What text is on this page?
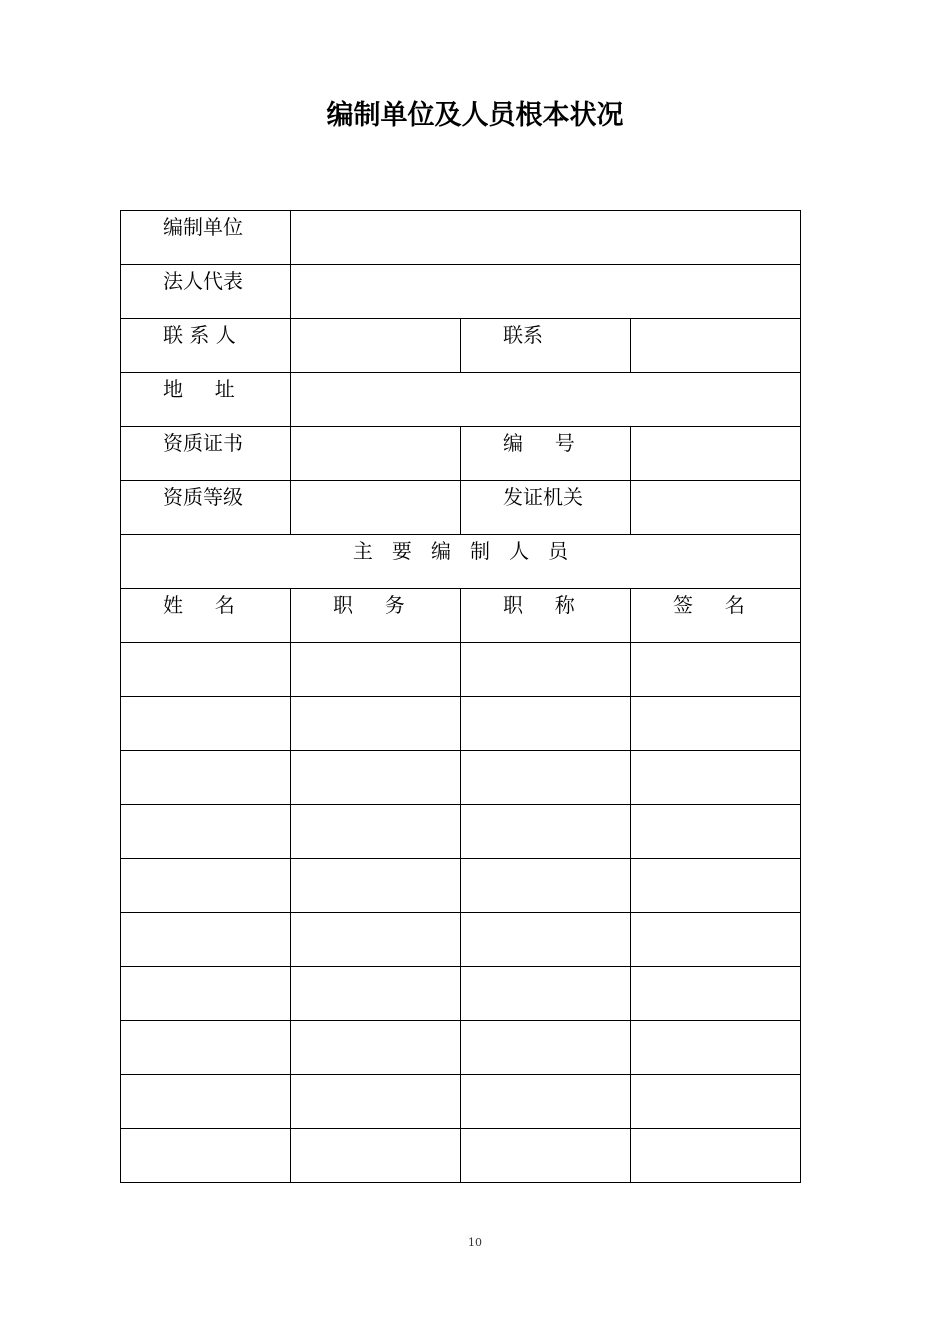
编制单位及人员根本状况
编制单位			

法人代表			

联 系 人		联系	

地     址			

资质证书		编     号	

资质等级		发证机关	

主   要   编   制   人   员			

姓     名	职     务	职     称	签     名

10
